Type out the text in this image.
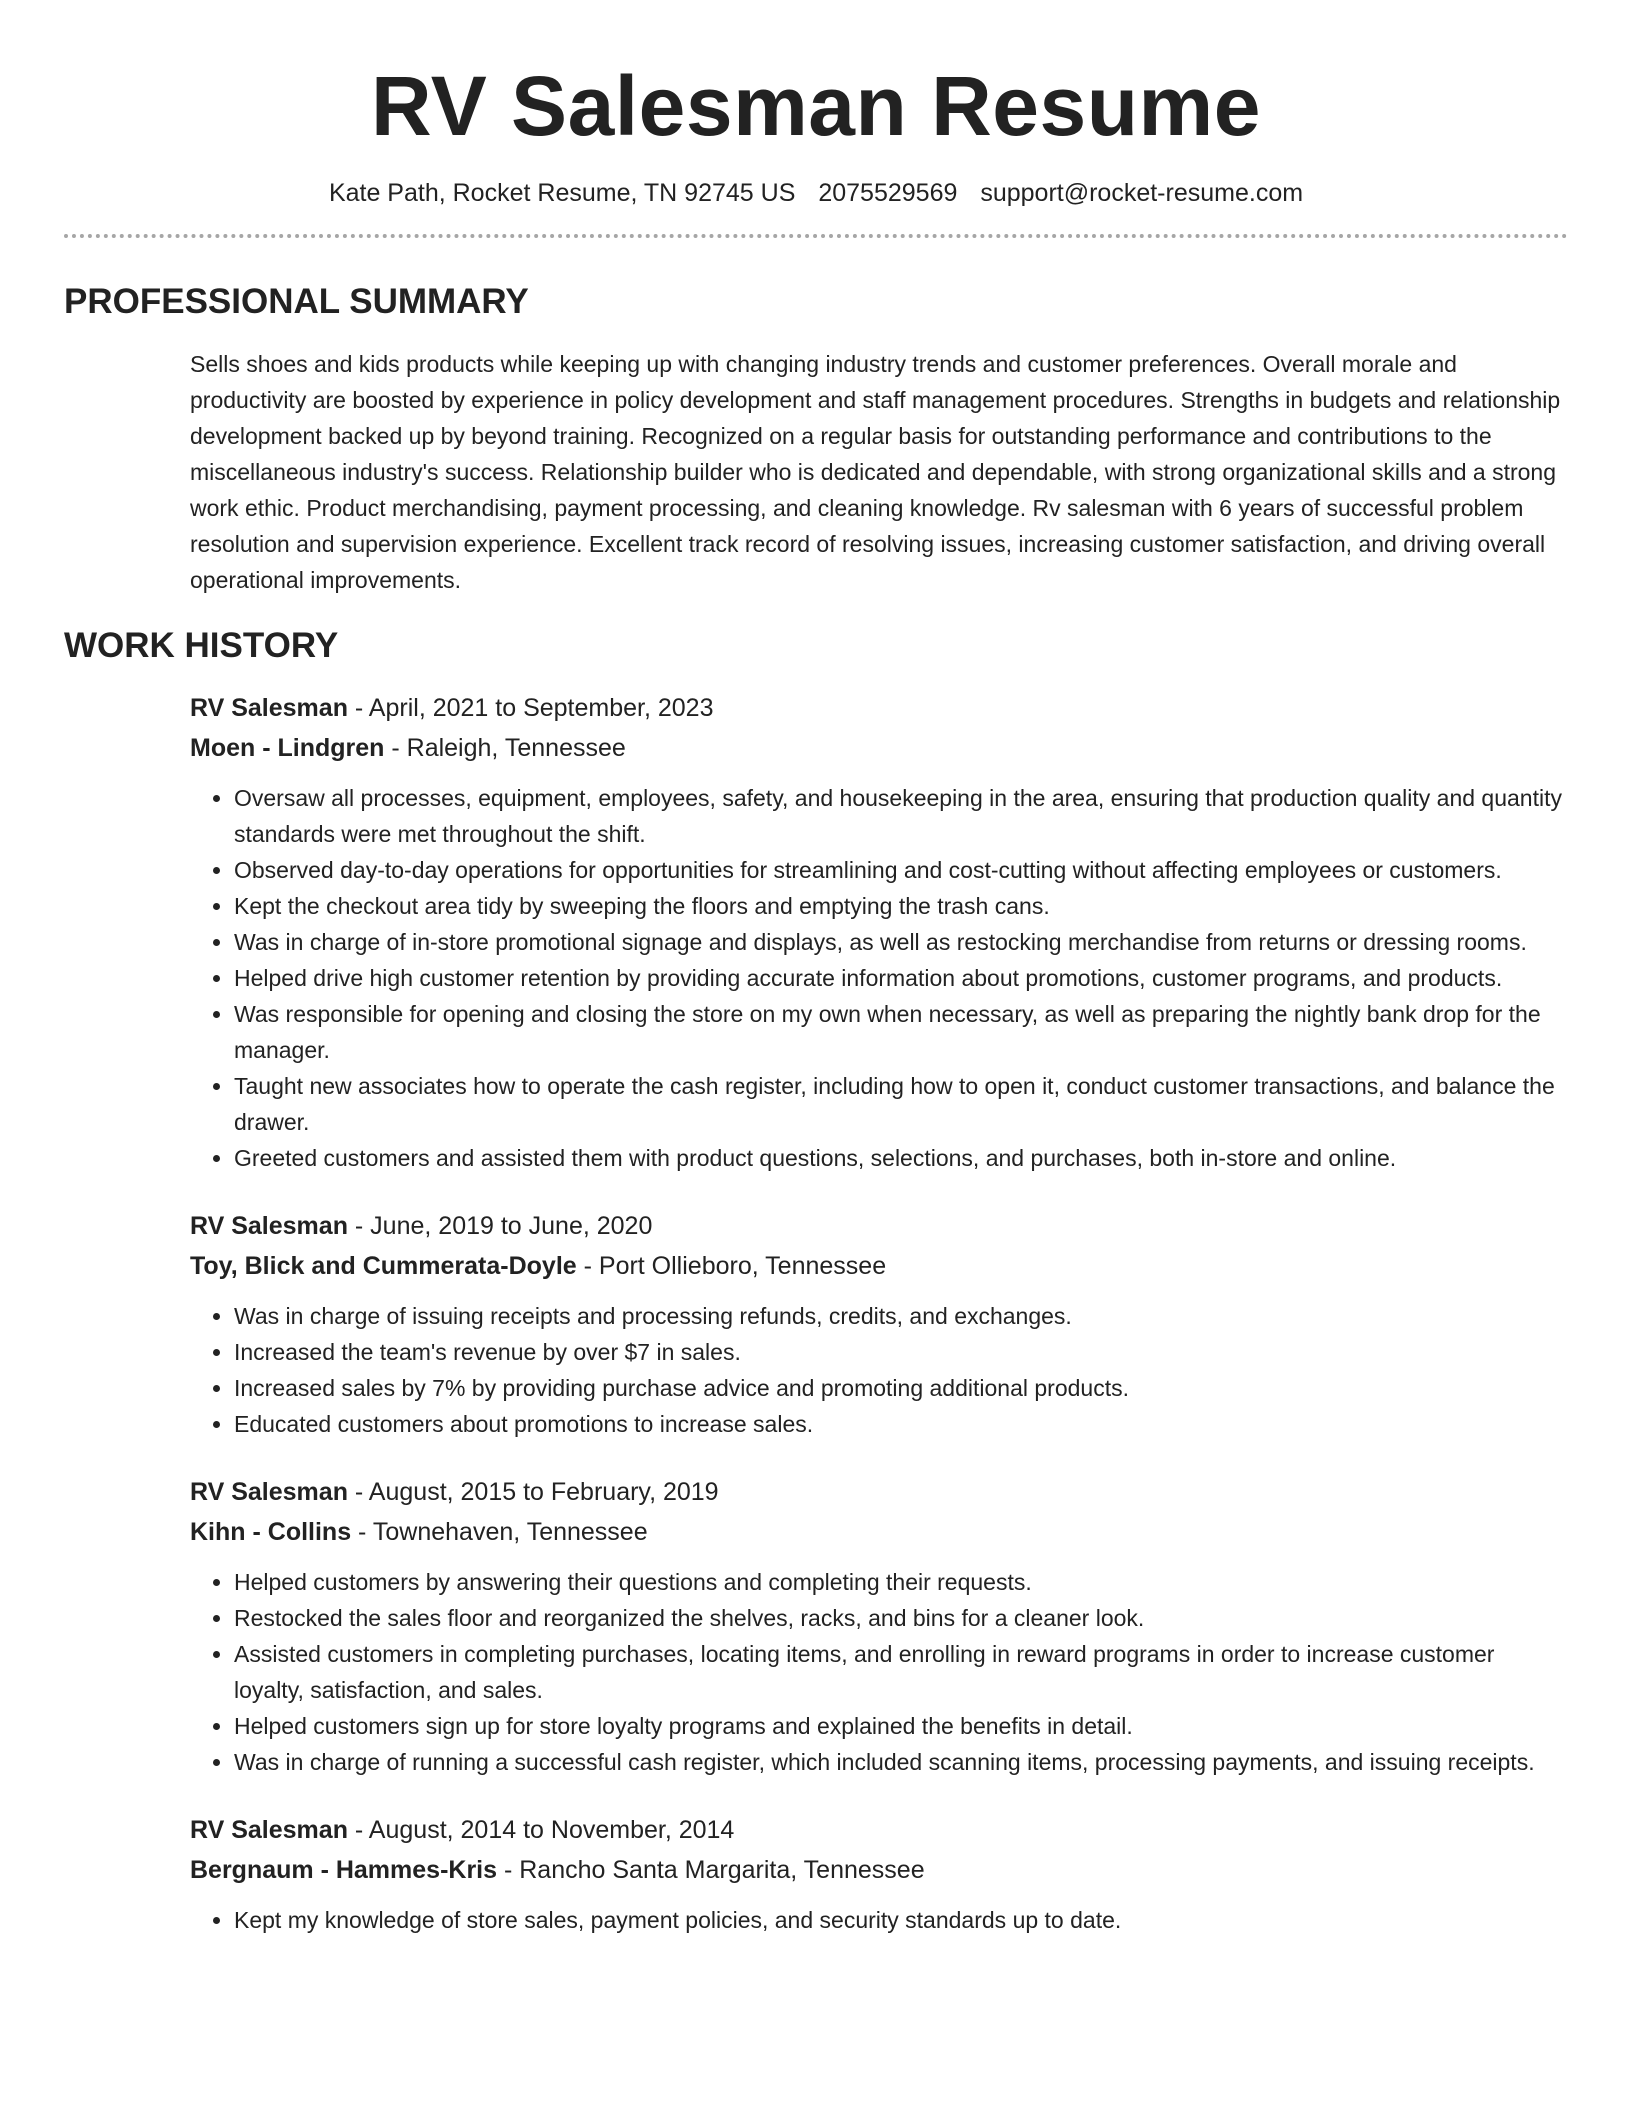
RV Salesman Resume
Kate Path, Rocket Resume, TN 92745 US 2075529569 support@rocket-resume.com
PROFESSIONAL SUMMARY
Sells shoes and kids products while keeping up with changing industry trends and customer preferences. Overall morale and productivity are boosted by experience in policy development and staff management procedures. Strengths in budgets and relationship development backed up by beyond training. Recognized on a regular basis for outstanding performance and contributions to the miscellaneous industry's success. Relationship builder who is dedicated and dependable, with strong organizational skills and a strong work ethic. Product merchandising, payment processing, and cleaning knowledge. Rv salesman with 6 years of successful problem resolution and supervision experience. Excellent track record of resolving issues, increasing customer satisfaction, and driving overall operational improvements.
WORK HISTORY
RV Salesman - April, 2021 to September, 2023
Moen - Lindgren - Raleigh, Tennessee
• Oversaw all processes, equipment, employees, safety, and housekeeping in the area, ensuring that production quality and quantity standards were met throughout the shift.
• Observed day-to-day operations for opportunities for streamlining and cost-cutting without affecting employees or customers.
• Kept the checkout area tidy by sweeping the floors and emptying the trash cans.
• Was in charge of in-store promotional signage and displays, as well as restocking merchandise from returns or dressing rooms.
• Helped drive high customer retention by providing accurate information about promotions, customer programs, and products.
• Was responsible for opening and closing the store on my own when necessary, as well as preparing the nightly bank drop for the manager.
• Taught new associates how to operate the cash register, including how to open it, conduct customer transactions, and balance the drawer.
• Greeted customers and assisted them with product questions, selections, and purchases, both in-store and online.
RV Salesman - June, 2019 to June, 2020
Toy, Blick and Cummerata-Doyle - Port Ollieboro, Tennessee
• Was in charge of issuing receipts and processing refunds, credits, and exchanges.
• Increased the team's revenue by over $7 in sales.
• Increased sales by 7% by providing purchase advice and promoting additional products.
• Educated customers about promotions to increase sales.
RV Salesman - August, 2015 to February, 2019
Kihn - Collins - Townehaven, Tennessee
• Helped customers by answering their questions and completing their requests.
• Restocked the sales floor and reorganized the shelves, racks, and bins for a cleaner look.
• Assisted customers in completing purchases, locating items, and enrolling in reward programs in order to increase customer loyalty, satisfaction, and sales.
• Helped customers sign up for store loyalty programs and explained the benefits in detail.
• Was in charge of running a successful cash register, which included scanning items, processing payments, and issuing receipts.
RV Salesman - August, 2014 to November, 2014
Bergnaum - Hammes-Kris - Rancho Santa Margarita, Tennessee
• Kept my knowledge of store sales, payment policies, and security standards up to date.
